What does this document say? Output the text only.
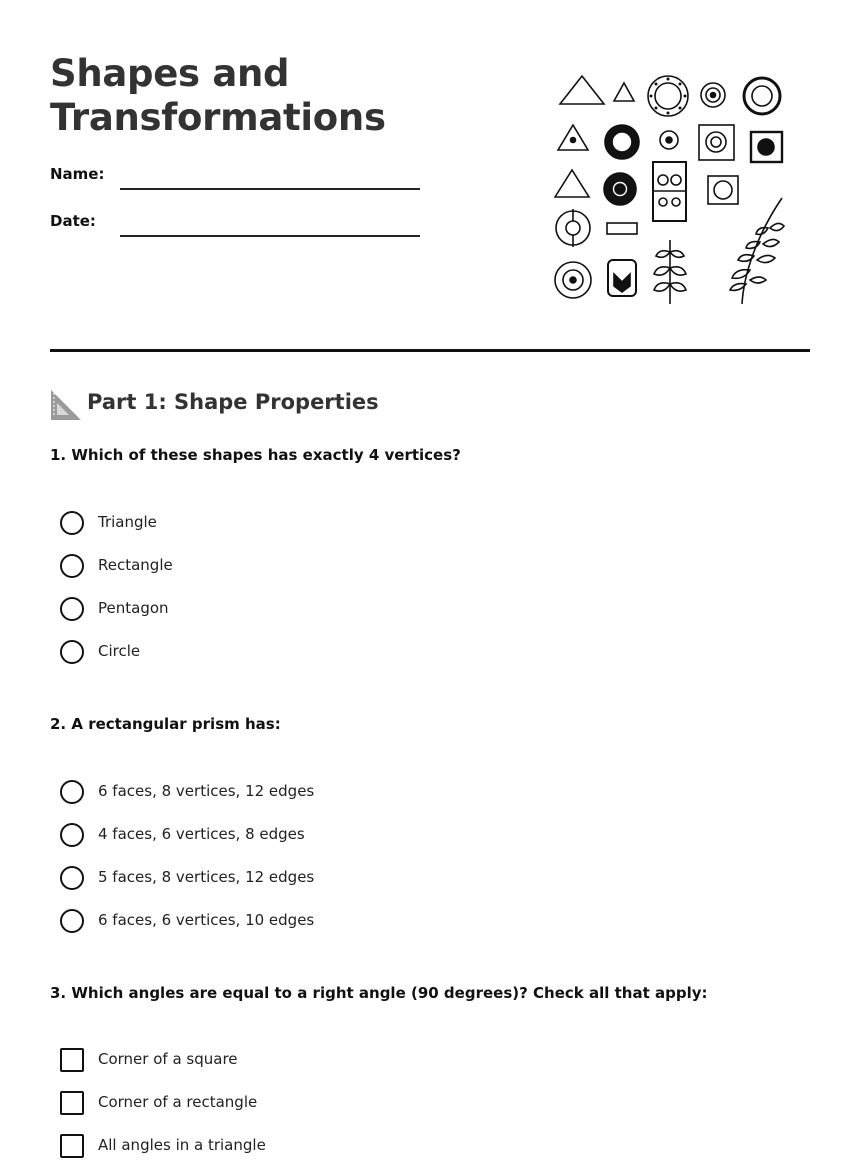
Shapes and Transformations
Name:
Date:
Part 1: Shape Properties

1. Which of these shapes has exactly 4 vertices?

Triangle
Rectangle
Pentagon
Circle

2. A rectangular prism has:

6 faces, 8 vertices, 12 edges
4 faces, 6 vertices, 8 edges
5 faces, 8 vertices, 12 edges
6 faces, 6 vertices, 10 edges

3. Which angles are equal to a right angle (90 degrees)? Check all that apply:

Corner of a square
Corner of a rectangle
All angles in a triangle
